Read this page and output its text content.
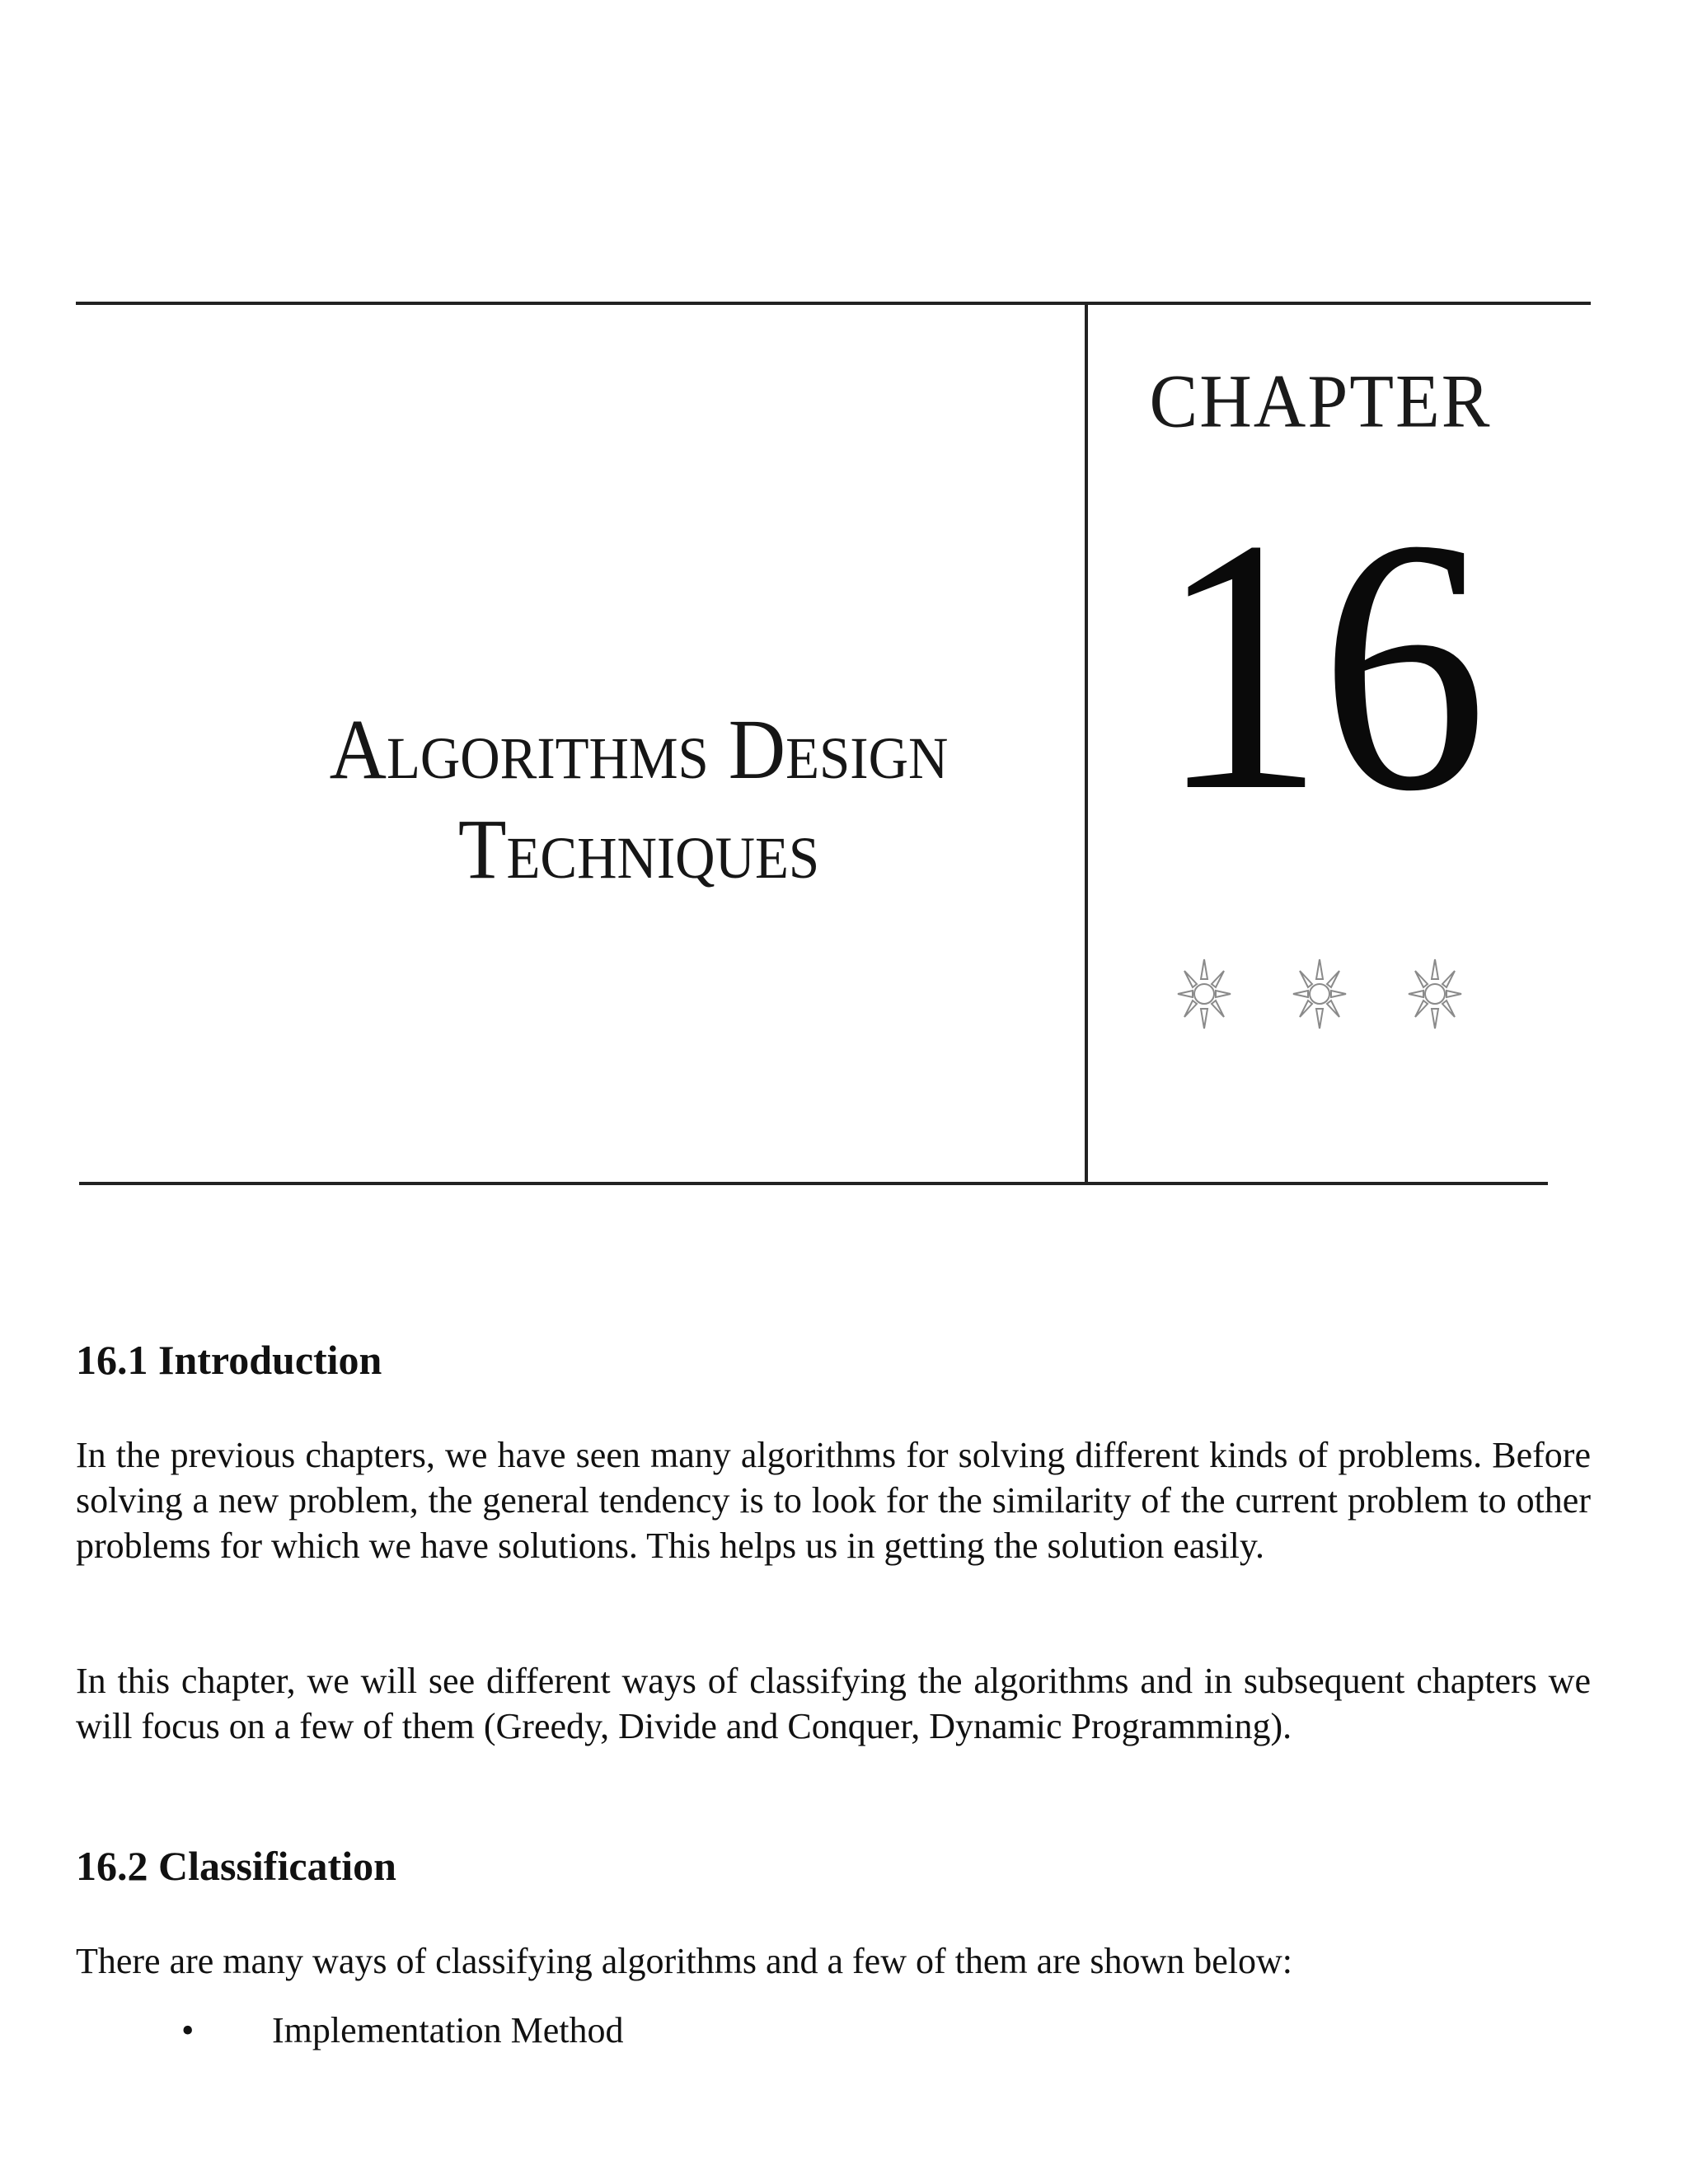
Algorithms Design
Techniques
CHAPTER
16
16.1 Introduction

In the previous chapters, we have seen many algorithms for solving different kinds of problems. Before solving a new problem, the general tendency is to look for the similarity of the current problem to other problems for which we have solutions. This helps us in getting the solution easily.

In this chapter, we will see different ways of classifying the algorithms and in subsequent chapters we will focus on a few of them (Greedy, Divide and Conquer, Dynamic Programming).

16.2 Classification

There are many ways of classifying algorithms and a few of them are shown below:

• Implementation Method
